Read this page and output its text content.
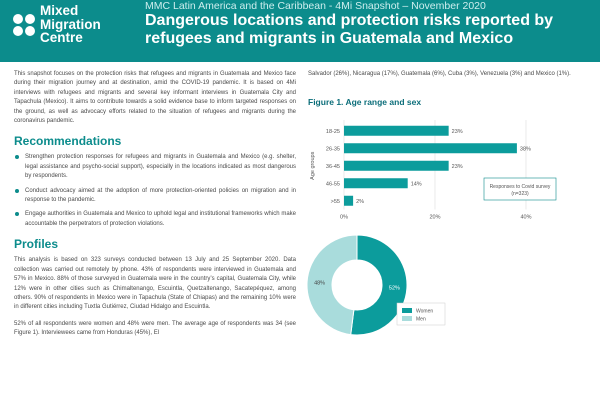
Mixed
Migration
Centre
MMC Latin America and the Caribbean - 4Mi Snapshot – November 2020
Dangerous locations and protection risks reported by refugees and migrants in Guatemala and Mexico

This snapshot focuses on the protection risks that refugees and migrants in Guatemala and Mexico face during their migration journey and at destination, amid the COVID-19 pandemic. It is based on 4Mi interviews with refugees and migrants and several key informant interviews in Guatemala City and Tapachula (Mexico). It aims to contribute towards a solid evidence base to inform targeted responses on the ground, as well as advocacy efforts related to the situation of refugees and migrants during the coronavirus pandemic.

Recommendations
Strengthen protection responses for refugees and migrants in Guatemala and Mexico (e.g. shelter, legal assistance and psycho-social support), especially in the locations indicated as most dangerous by respondents.
Conduct advocacy aimed at the adoption of more protection-oriented policies on migration and in response to the pandemic.
Engage authorities in Guatemala and Mexico to uphold legal and institutional frameworks which make accountable the perpetrators of protection violations.
Profiles

This analysis is based on 323 surveys conducted between 13 July and 25 September 2020. Data collection was carried out remotely by phone. 43% of respondents were interviewed in Guatemala and 57% in Mexico. 88% of those surveyed in Guatemala were in the country’s capital, Guatemala City, while 12% were in other cities such as Chimaltenango, Escuintla, Quetzaltenango, Sacatepéquez, among others. 90% of respondents in Mexico were in Tapachula (State of Chiapas) and the remaining 10% were in different cities including Tuxtla Gutiérrez, Ciudad Hidalgo and Escuintla.

52% of all respondents were women and 48% were men. The average age of respondents was 34 (see Figure 1). Interviewees came from Honduras (45%), El

Salvador (26%), Nicaragua (17%), Guatemala (6%), Cuba (3%), Venezuela (3%) and Mexico (1%).

Figure 1. Age range and sex
0%	20%	40%
18-25	23%
26-35	38%
36-45	23%
46-55	14%
>55	2%
Age groups
Responses to Covid survey
(n=323)
52%
48%
Women
Men
